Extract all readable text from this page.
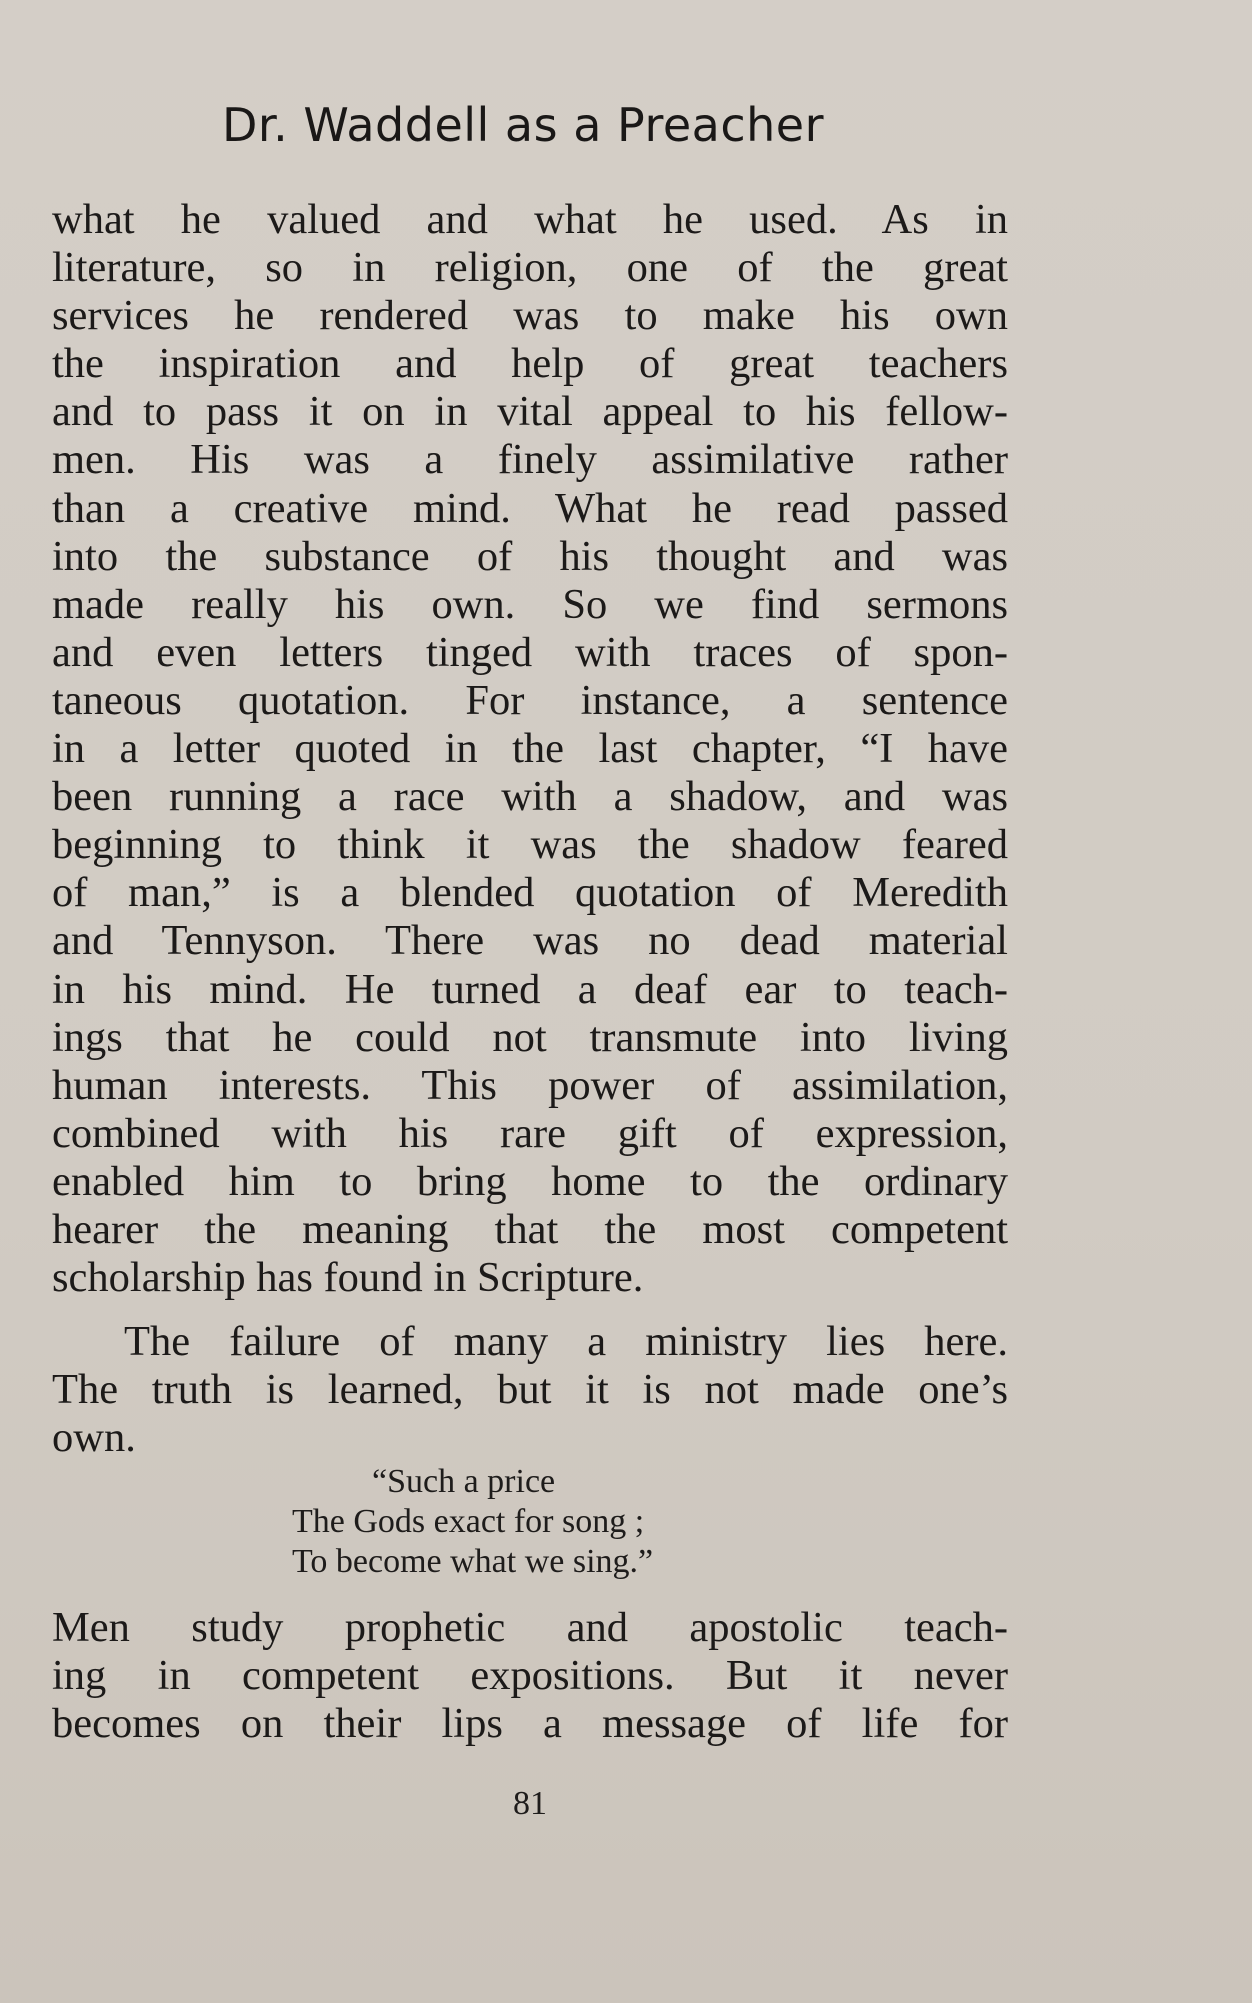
Dr. Waddell as a Preacher
what he valued and what he used. As in
literature, so in religion, one of the great
services he rendered was to make his own
the inspiration and help of great teachers
and to pass it on in vital appeal to his fellow-
men. His was a finely assimilative rather
than a creative mind. What he read passed
into the substance of his thought and was
made really his own. So we find sermons
and even letters tinged with traces of spon-
taneous quotation. For instance, a sentence
in a letter quoted in the last chapter, “I have
been running a race with a shadow, and was
beginning to think it was the shadow feared
of man,” is a blended quotation of Meredith
and Tennyson. There was no dead material
in his mind. He turned a deaf ear to teach-
ings that he could not transmute into living
human interests. This power of assimilation,
combined with his rare gift of expression,
enabled him to bring home to the ordinary
hearer the meaning that the most competent
scholarship has found in Scripture.
The failure of many a ministry lies here.
The truth is learned, but it is not made one’s
own.
“Such a price
The Gods exact for song ;
To become what we sing.”
Men study prophetic and apostolic teach-
ing in competent expositions. But it never
becomes on their lips a message of life for
81
